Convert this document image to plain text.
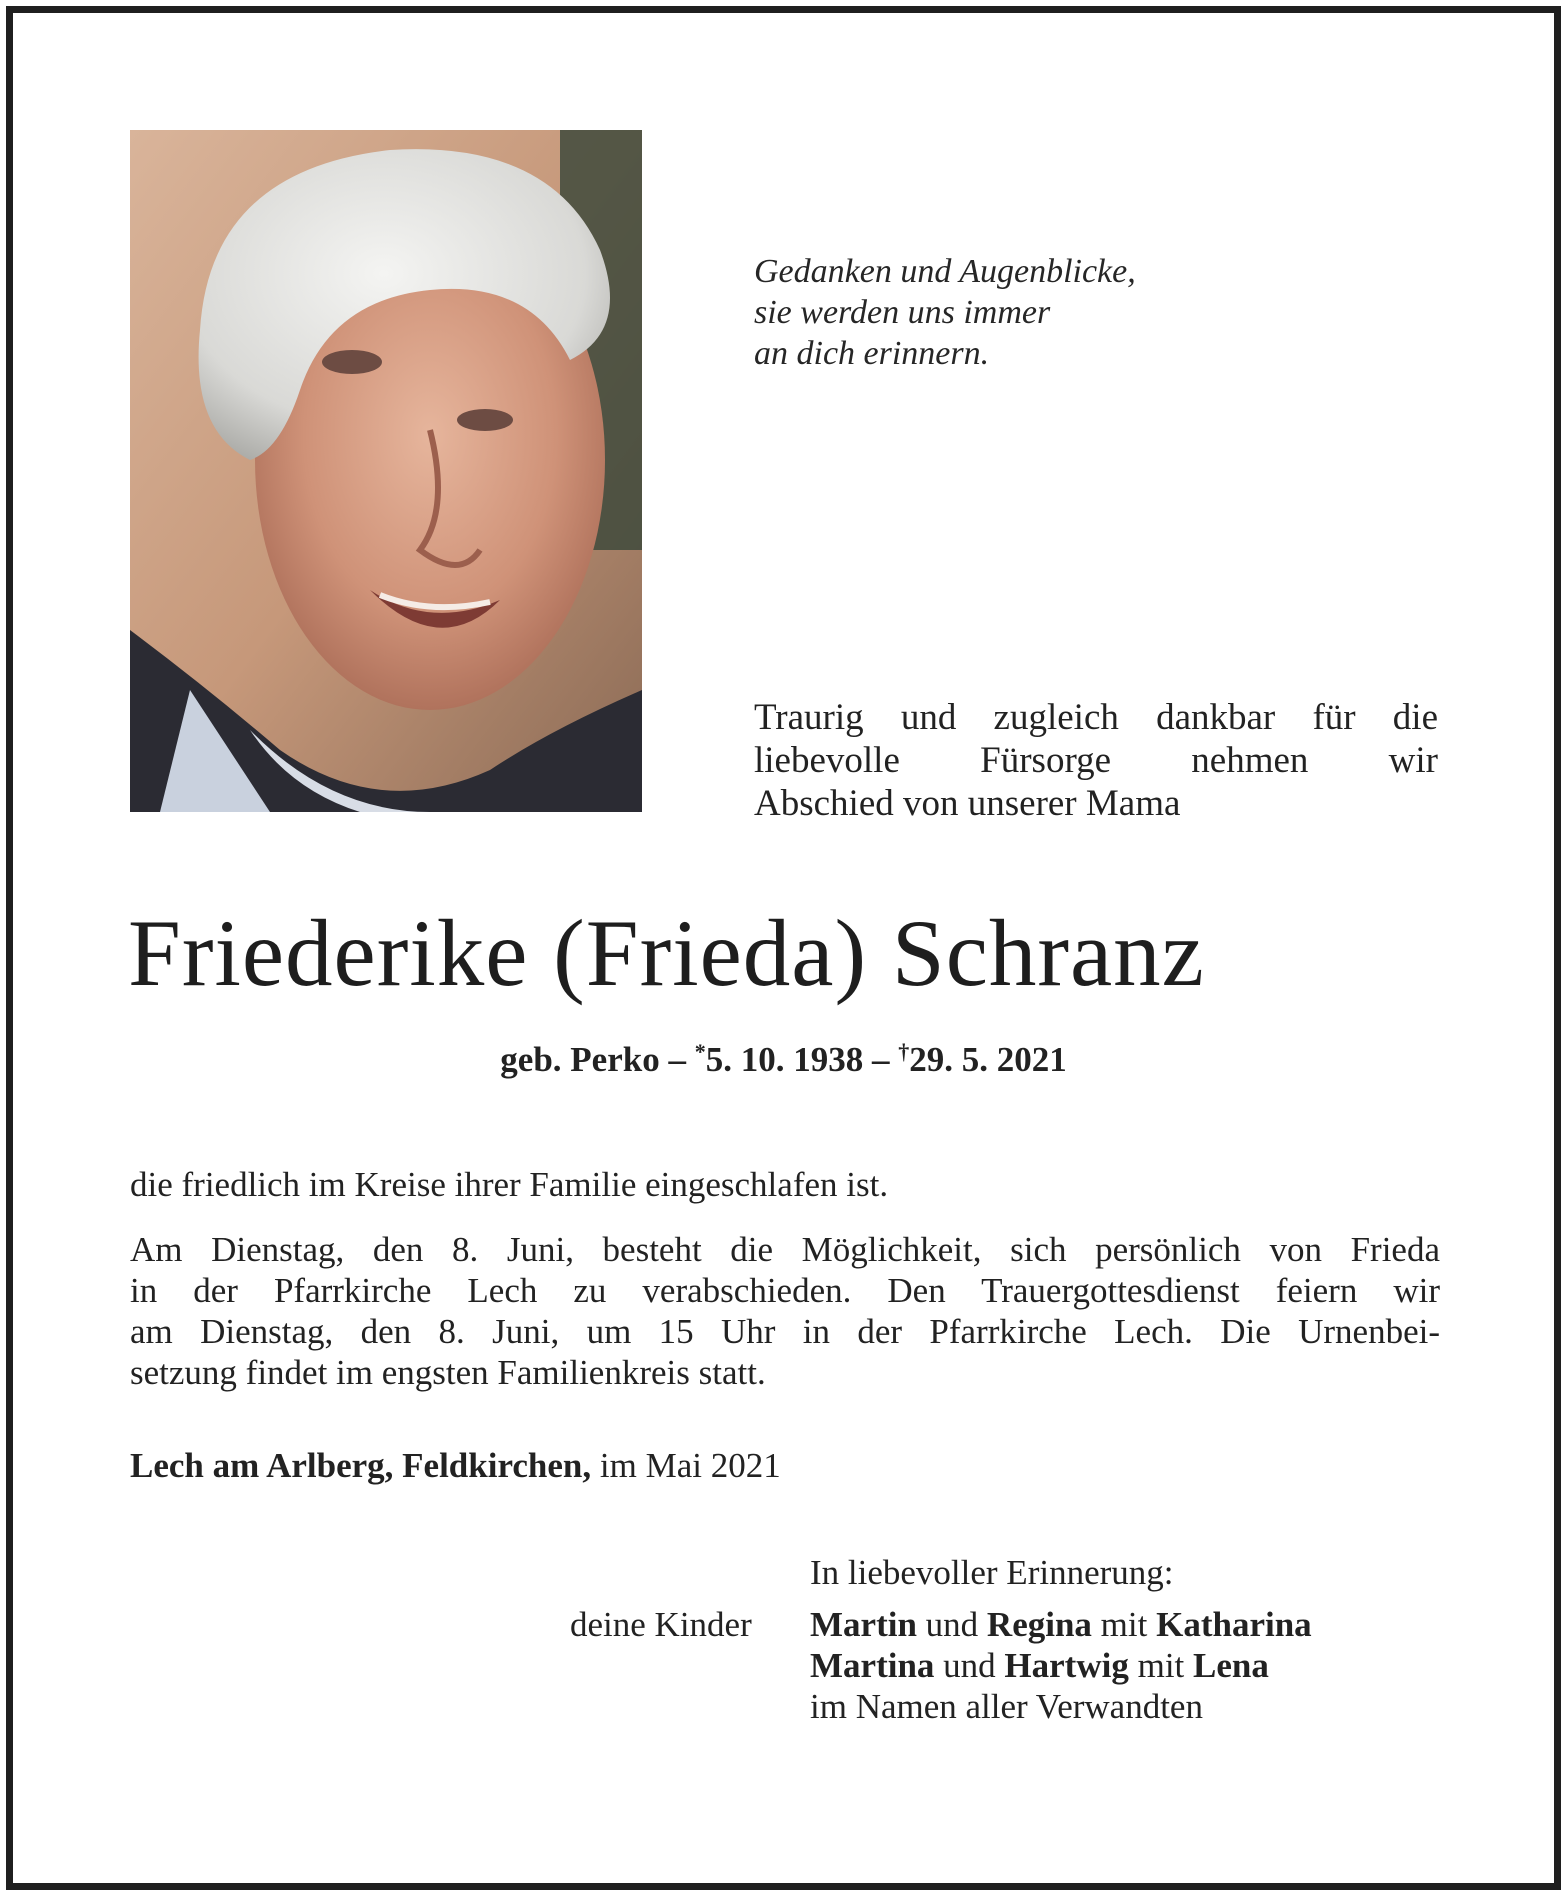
Gedanken und Augenblicke,
sie werden uns immer
an dich erinnern.
Traurig und zugleich dankbar für die
liebevolle Fürsorge nehmen wir
Abschied von unserer Mama
Friederike (Frieda) Schranz
geb. Perko – *5. 10. 1938 – †29. 5. 2021
die friedlich im Kreise ihrer Familie eingeschlafen ist.
Am Dienstag, den 8. Juni, besteht die Möglichkeit, sich persönlich von Frieda
in der Pfarrkirche Lech zu verabschieden. Den Trauergottesdienst feiern wir
am Dienstag, den 8. Juni, um 15 Uhr in der Pfarrkirche Lech. Die Urnenbei-
setzung findet im engsten Familienkreis statt.
Lech am Arlberg, Feldkirchen, im Mai 2021
In liebevoller Erinnerung:
deine Kinder Martin und Regina mit Katharina
Martina und Hartwig mit Lena
im Namen aller Verwandten
